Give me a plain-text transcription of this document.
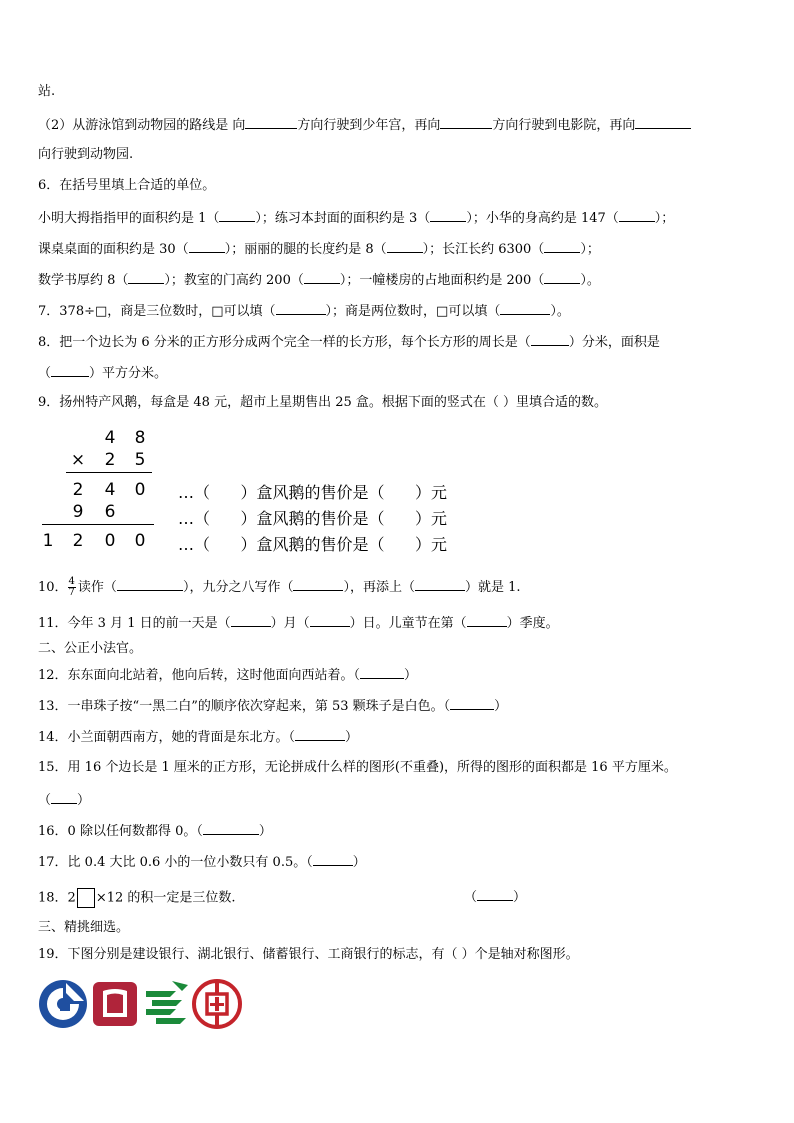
站.
（2）从游泳馆到动物园的路线是 向	方向行驶到少年宫，再向	方向行驶到电影院，再向
向行驶到动物园.
6．在括号里填上合适的单位。
小明大拇指指甲的面积约是 1（	）；练习本封面的面积约是 3（	）；小华的身高约是 147（	）；
课桌桌面的面积约是 30（	）；丽丽的腿的长度约是 8（	）；长江长约 6300（	）；
数学书厚约 8（	）；教室的门高约 200（	）；一幢楼房的占地面积约是 200（	）。
7．378÷□，商是三位数时，□可以填（	）；商是两位数时，□可以填（	）。
8．把一个边长为 6 分米的正方形分成两个完全一样的长方形，每个长方形的周长是（	）分米，面积是
（	）平方分米。
9．扬州特产风鹅，每盒是 48 元，超市上星期售出 25 盒。根据下面的竖式在（ ）里填合适的数。
4 8
× 2 5
2 4 0
9 6
1 2 0 0
…（      ）盒风鹅的售价是（      ）元
…（      ）盒风鹅的售价是（      ）元
…（      ）盒风鹅的售价是（      ）元
10． $\frac{4}{7}$ 读作（	），九分之八写作（	），再添上（	）就是 1.
11．今年 3 月 1 日的前一天是（	）月（	）日。儿童节在第（	）季度。
二、公正小法官。
12．东东面向北站着，他向后转，这时他面向西站着。（	）
13．一串珠子按“一黑二白”的顺序依次穿起来，第 53 颗珠子是白色。（	）
14．小兰面朝西南方，她的背面是东北方。（	）
15．用 16 个边长是 1 厘米的正方形，无论拼成什么样的图形(不重叠)，所得的图形的面积都是 16 平方厘米。
（ ）
16．0 除以任何数都得 0。（	）
17．比 0.4 大比 0.6 小的一位小数只有 0.5。（	）
18．2 ×12 的积一定是三位数.	（	）
三、精挑细选。
19．下图分别是建设银行、湖北银行、储蓄银行、工商银行的标志，有（ ）个是轴对称图形。
